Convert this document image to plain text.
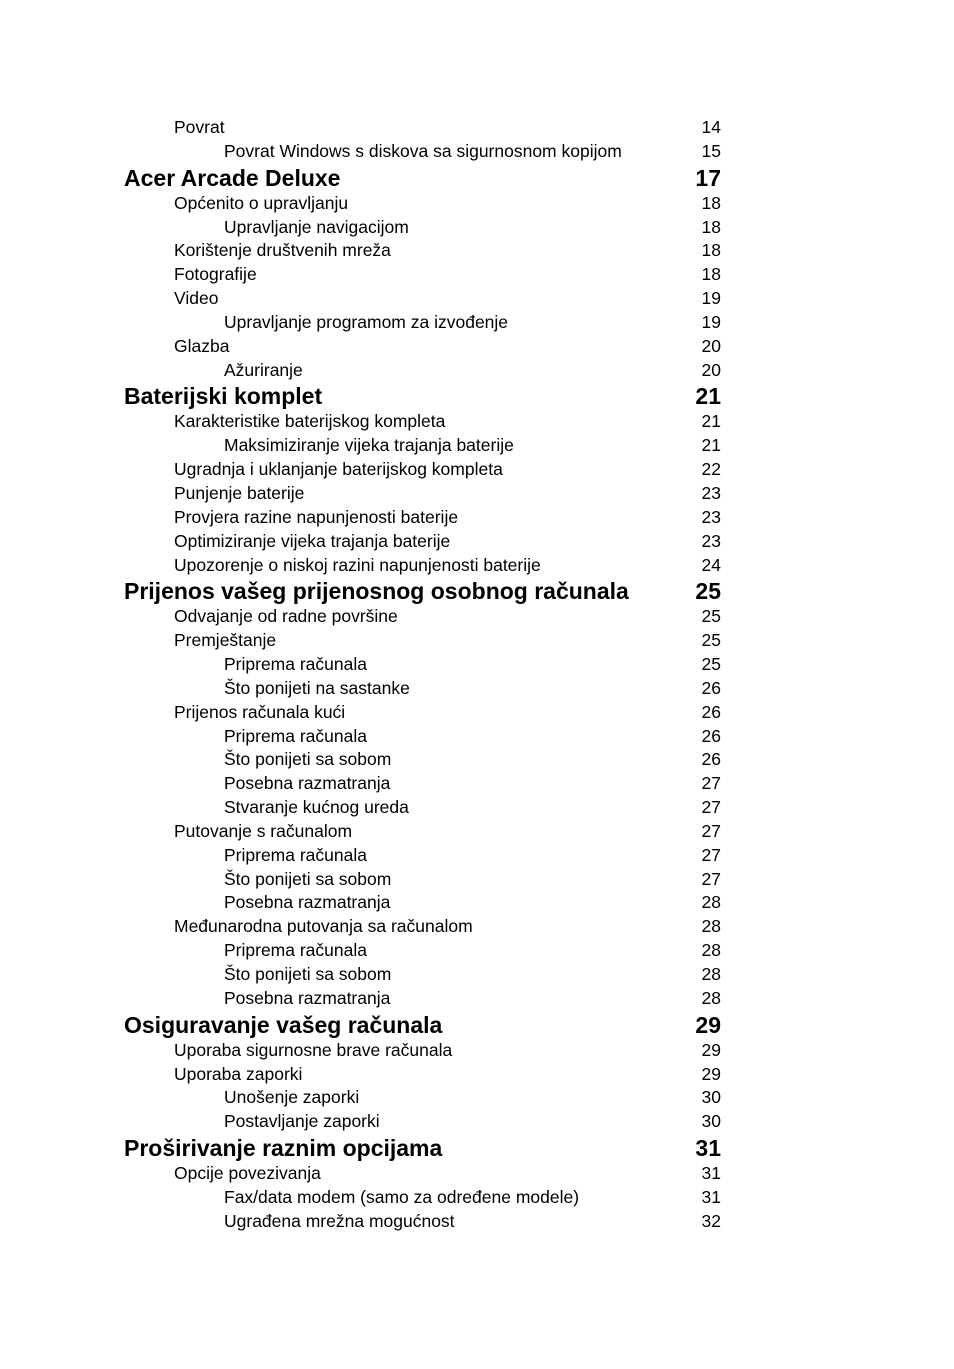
Povrat	14
Povrat Windows s diskova sa sigurnosnom kopijom	15
Acer Arcade Deluxe	17
Općenito o upravljanju	18
Upravljanje navigacijom	18
Korištenje društvenih mreža	18
Fotografije	18
Video	19
Upravljanje programom za izvođenje	19
Glazba	20
Ažuriranje	20
Baterijski komplet	21
Karakteristike baterijskog kompleta	21
Maksimiziranje vijeka trajanja baterije	21
Ugradnja i uklanjanje baterijskog kompleta	22
Punjenje baterije	23
Provjera razine napunjenosti baterije	23
Optimiziranje vijeka trajanja baterije	23
Upozorenje o niskoj razini napunjenosti baterije	24
Prijenos vašeg prijenosnog osobnog računala	25
Odvajanje od radne površine	25
Premještanje	25
Priprema računala	25
Što ponijeti na sastanke	26
Prijenos računala kući	26
Priprema računala	26
Što ponijeti sa sobom	26
Posebna razmatranja	27
Stvaranje kućnog ureda	27
Putovanje s računalom	27
Priprema računala	27
Što ponijeti sa sobom	27
Posebna razmatranja	28
Međunarodna putovanja sa računalom	28
Priprema računala	28
Što ponijeti sa sobom	28
Posebna razmatranja	28
Osiguravanje vašeg računala	29
Uporaba sigurnosne brave računala	29
Uporaba zaporki	29
Unošenje zaporki	30
Postavljanje zaporki	30
Proširivanje raznim opcijama	31
Opcije povezivanja	31
Fax/data modem (samo za određene modele)	31
Ugrađena mrežna mogućnost	32
